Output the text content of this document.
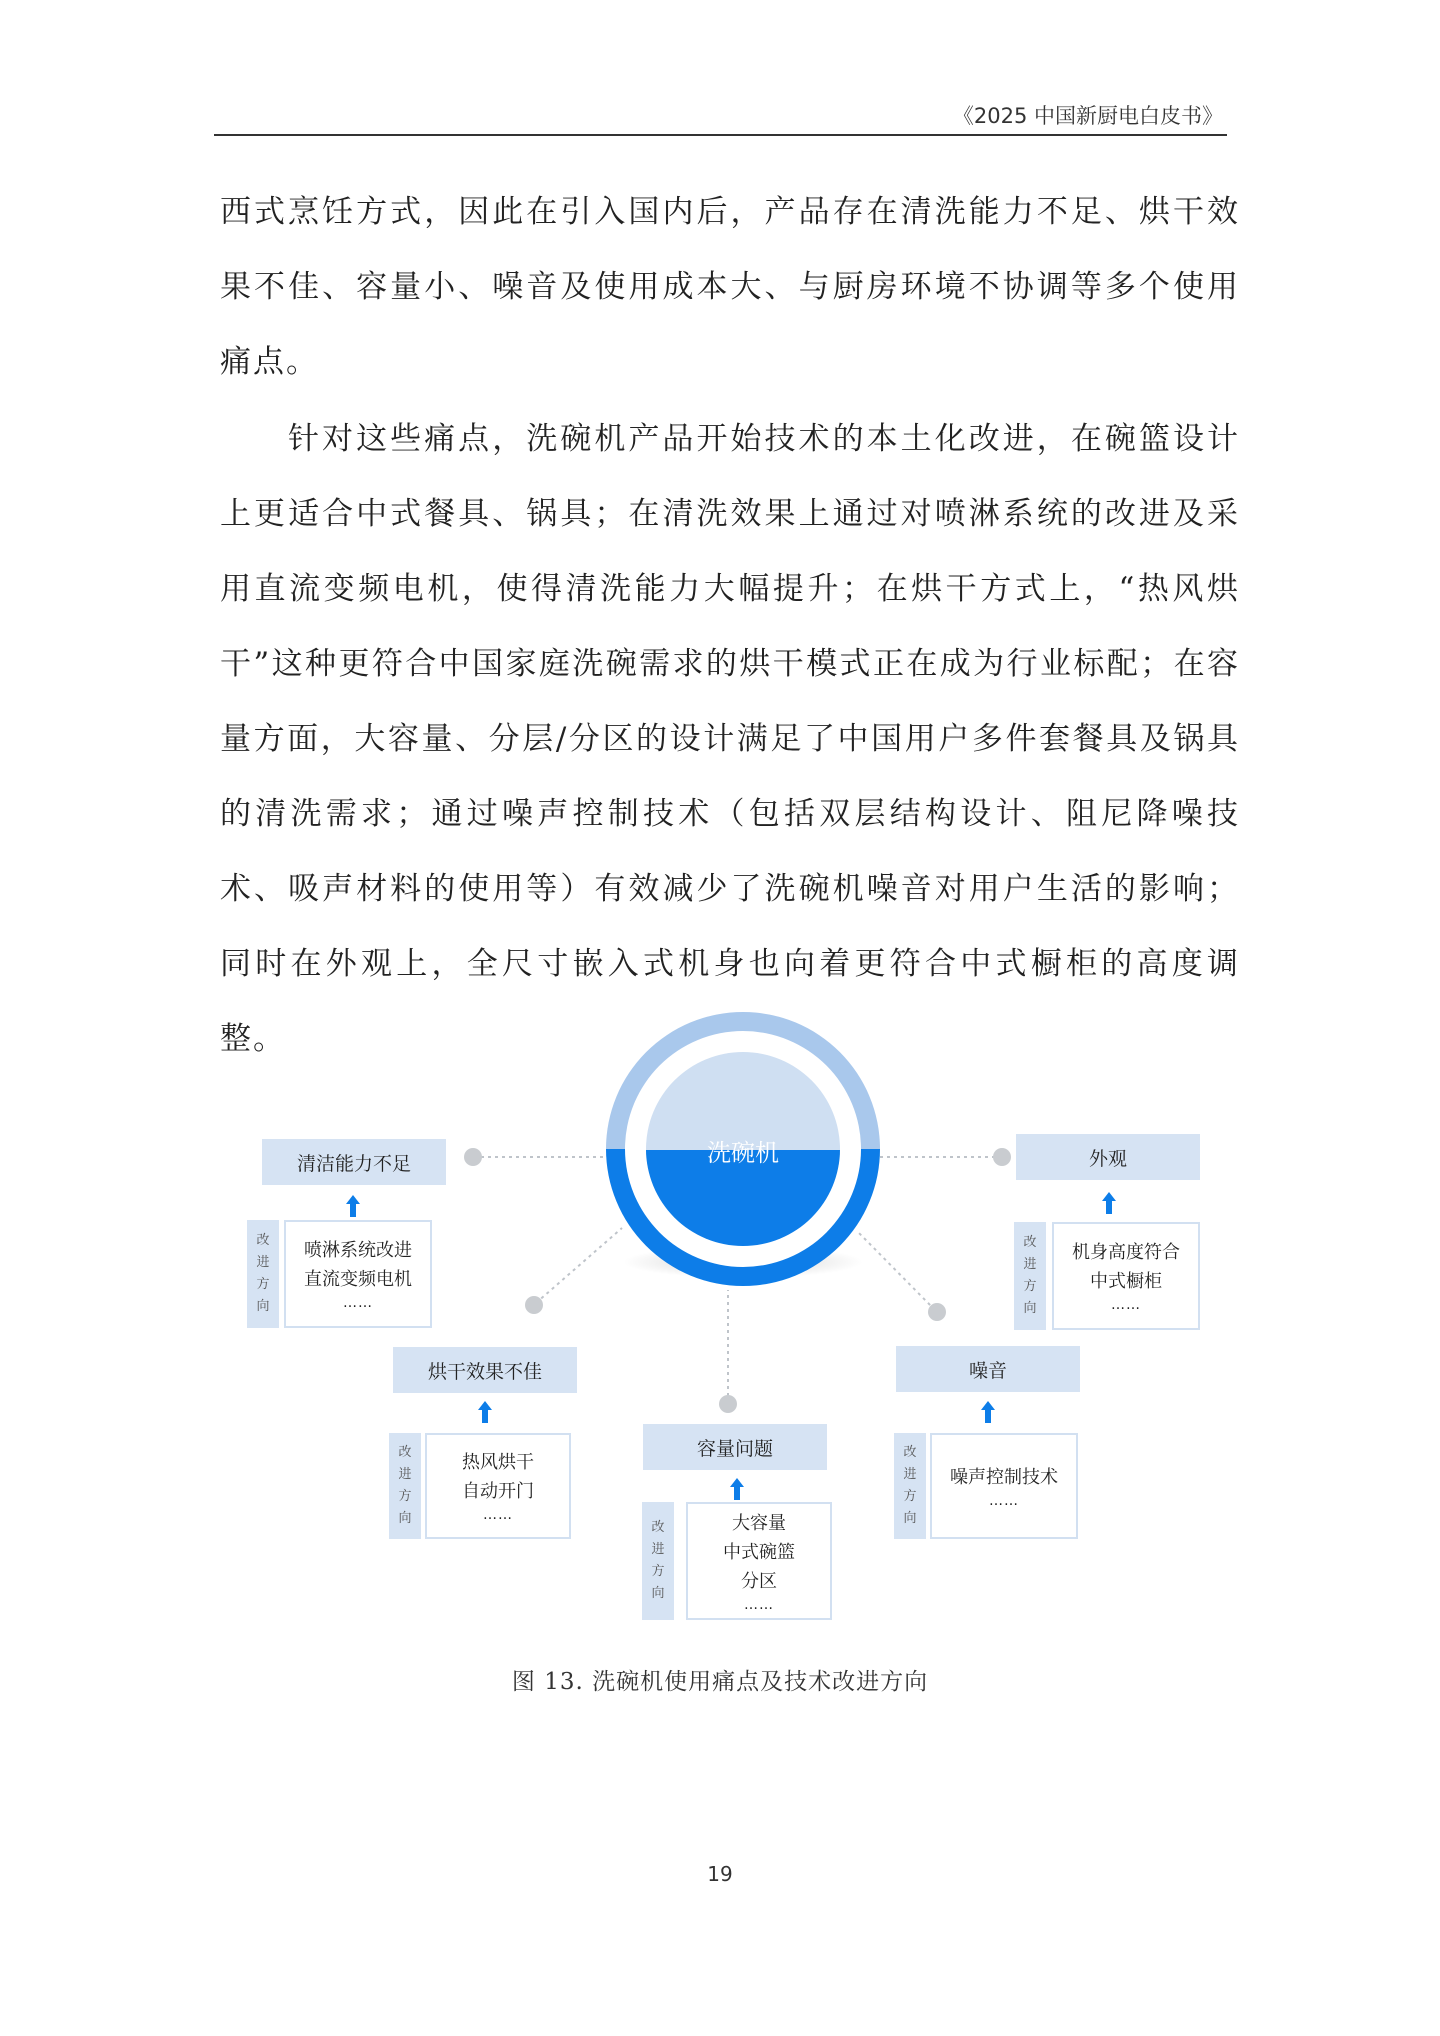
《2025 中国新厨电白皮书》

西式烹饪方式，因此在引入国内后，产品存在清洗能力不足、烘干效果不佳、容量小、噪音及使用成本大、与厨房环境不协调等多个使用痛点。

针对这些痛点，洗碗机产品开始技术的本土化改进，在碗篮设计上更适合中式餐具、锅具；在清洗效果上通过对喷淋系统的改进及采用直流变频电机，使得清洗能力大幅提升；在烘干方式上，“热风烘干”这种更符合中国家庭洗碗需求的烘干模式正在成为行业标配；在容量方面，大容量、分层/分区的设计满足了中国用户多件套餐具及锅具的清洗需求；通过噪声控制技术（包括双层结构设计、阻尼降噪技术、吸声材料的使用等）有效减少了洗碗机噪音对用户生活的影响；同时在外观上，全尺寸嵌入式机身也向着更符合中式橱柜的高度调整。

洗碗机
清洁能力不足
改
进
方
向
喷淋系统改进
直流变频电机
……
外观
改
进
方
向
机身高度符合
中式橱柜
……
烘干效果不佳
改
进
方
向
热风烘干
自动开门
……
噪音
改
进
方
向
噪声控制技术
……
容量问题
改
进
方
向
大容量
中式碗篮
分区
……
图 13. 洗碗机使用痛点及技术改进方向
19
